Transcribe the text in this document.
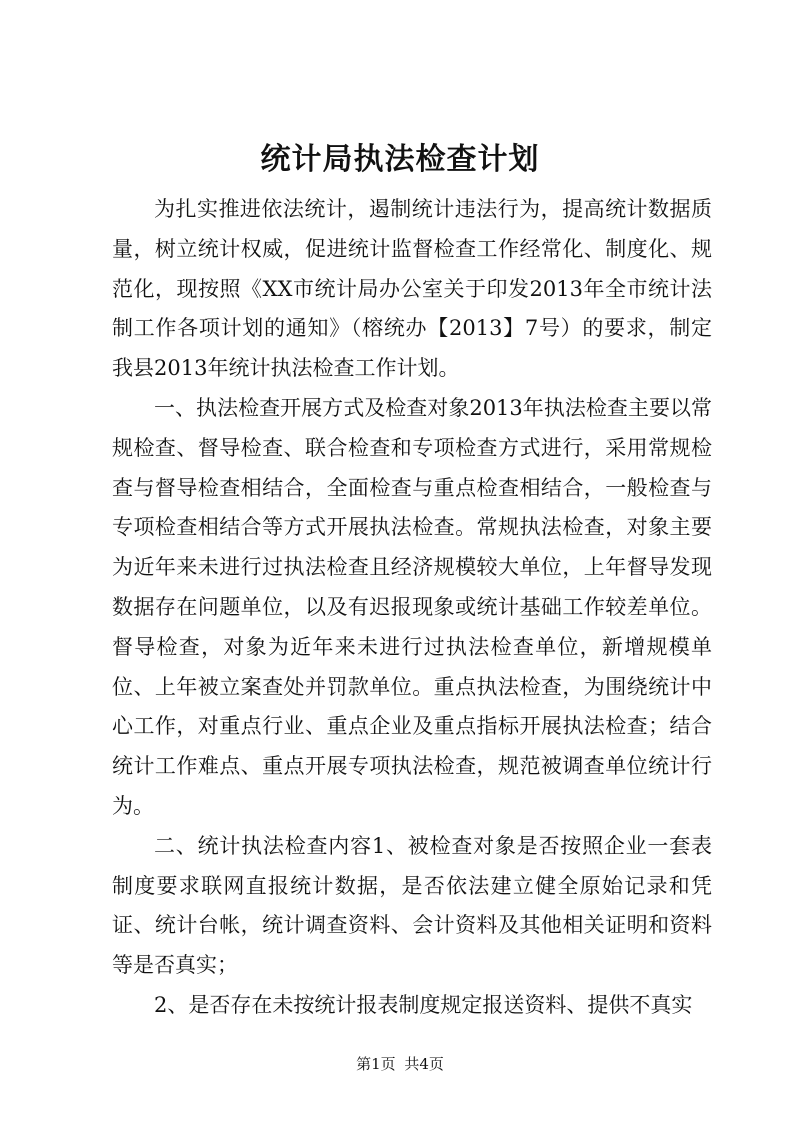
统计局执法检查计划

为扎实推进依法统计，遏制统计违法行为，提高统计数据质量，树立统计权威，促进统计监督检查工作经常化、制度化、规范化，现按照《XX市统计局办公室关于印发2013年全市统计法制工作各项计划的通知》（榕统办【2013】7号）的要求，制定我县2013年统计执法检查工作计划。

一、执法检查开展方式及检查对象2013年执法检查主要以常规检查、督导检查、联合检查和专项检查方式进行，采用常规检查与督导检查相结合，全面检查与重点检查相结合，一般检查与专项检查相结合等方式开展执法检查。常规执法检查，对象主要为近年来未进行过执法检查且经济规模较大单位，上年督导发现数据存在问题单位，以及有迟报现象或统计基础工作较差单位。督导检查，对象为近年来未进行过执法检查单位，新增规模单位、上年被立案查处并罚款单位。重点执法检查，为围绕统计中心工作，对重点行业、重点企业及重点指标开展执法检查；结合统计工作难点、重点开展专项执法检查，规范被调查单位统计行为。

二、统计执法检查内容1、被检查对象是否按照企业一套表制度要求联网直报统计数据，是否依法建立健全原始记录和凭证、统计台帐，统计调查资料、会计资料及其他相关证明和资料等是否真实；

2、是否存在未按统计报表制度规定报送资料、提供不真实

第1页 共4页
